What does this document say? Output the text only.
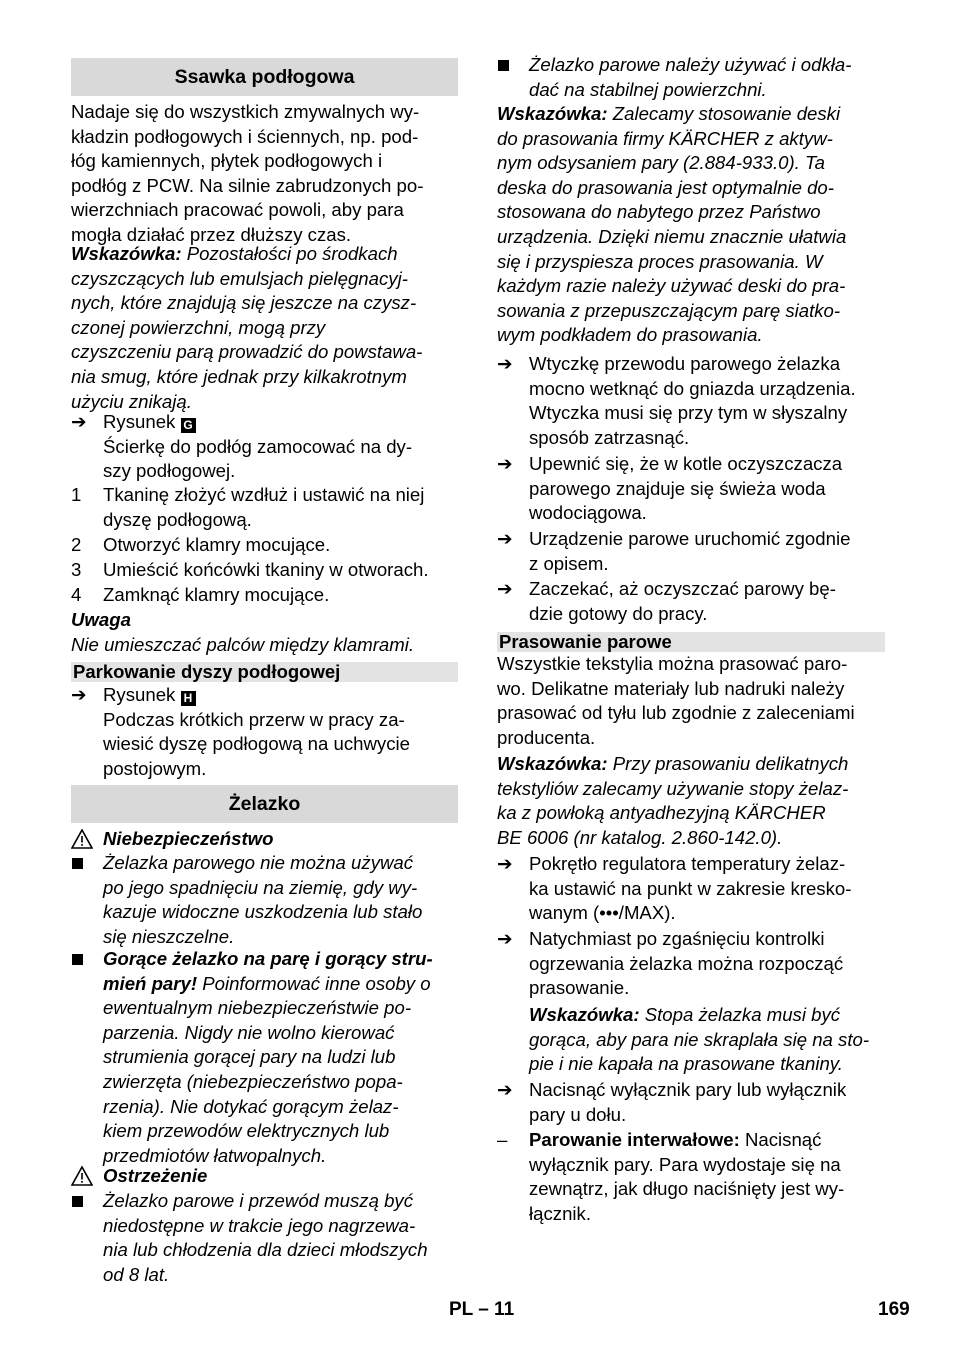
Ssawka podłogowa
Nadaje się do wszystkich zmywalnych wy-
kładzin podłogowych i ściennych, np. pod-
łóg kamiennych, płytek podłogowych i
podłóg z PCW. Na silnie zabrudzonych po-
wierzchniach pracować powoli, aby para
mogła działać przez dłuższy czas.
Wskazówka: Pozostałości po środkach
czyszczących lub emulsjach pielęgnacyj-
nych, które znajdują się jeszcze na czysz-
czonej powierzchni, mogą przy
czyszczeniu parą prowadzić do powstawa-
nia smug, które jednak przy kilkakrotnym
użyciu znikają.
➔ Rysunek G
Ścierkę do podłóg zamocować na dy-
szy podłogowej.
1	Tkaninę złożyć wzdłuż i ustawić na niej
dyszę podłogową.
2	Otworzyć klamry mocujące.
3	Umieścić końcówki tkaniny w otworach.
4	Zamknąć klamry mocujące.
Uwaga
Nie umieszczać palców między klamrami.
Parkowanie dyszy podłogowej
➔ Rysunek H
Podczas krótkich przerw w pracy za-
wiesić dyszę podłogową na uchwycie
postojowym.
Żelazko
Niebezpieczeństwo
Żelazka parowego nie można używać
po jego spadnięciu na ziemię, gdy wy-
kazuje widoczne uszkodzenia lub stało
się nieszczelne.
Gorące żelazko na parę i gorący stru-
mień pary! Poinformować inne osoby o
ewentualnym niebezpieczeństwie po-
parzenia. Nigdy nie wolno kierować
strumienia gorącej pary na ludzi lub
zwierzęta (niebezpieczeństwo popa-
rzenia). Nie dotykać gorącym żelaz-
kiem przewodów elektrycznych lub
przedmiotów łatwopalnych.
Ostrzeżenie
Żelazko parowe i przewód muszą być
niedostępne w trakcie jego nagrzewa-
nia lub chłodzenia dla dzieci młodszych
od 8 lat.
Żelazko parowe należy używać i odkła-
dać na stabilnej powierzchni.
Wskazówka: Zalecamy stosowanie deski
do prasowania firmy KÄRCHER z aktyw-
nym odsysaniem pary (2.884-933.0). Ta
deska do prasowania jest optymalnie do-
stosowana do nabytego przez Państwo
urządzenia. Dzięki niemu znacznie ułatwia
się i przyspiesza proces prasowania. W
każdym razie należy używać deski do pra-
sowania z przepuszczającym parę siatko-
wym podkładem do prasowania.
➔ Wtyczkę przewodu parowego żelazka
mocno wetknąć do gniazda urządzenia.
Wtyczka musi się przy tym w słyszalny
sposób zatrzasnąć.
➔ Upewnić się, że w kotle oczyszczacza
parowego znajduje się świeża woda
wodociągowa.
➔ Urządzenie parowe uruchomić zgodnie
z opisem.
➔ Zaczekać, aż oczyszczać parowy bę-
dzie gotowy do pracy.
Prasowanie parowe
Wszystkie tekstylia można prasować paro-
wo. Delikatne materiały lub nadruki należy
prasować od tyłu lub zgodnie z zaleceniami
producenta.
Wskazówka: Przy prasowaniu delikatnych
tekstyliów zalecamy używanie stopy żelaz-
ka z powłoką antyadhezyjną KÄRCHER
BE 6006 (nr katalog. 2.860-142.0).
➔ Pokrętło regulatora temperatury żelaz-
ka ustawić na punkt w zakresie kresko-
wanym (•••/MAX).
➔ Natychmiast po zgaśnięciu kontrolki
ogrzewania żelazka można rozpocząć
prasowanie.
Wskazówka: Stopa żelazka musi być
gorąca, aby para nie skraplała się na sto-
pie i nie kapała na prasowane tkaniny.
➔ Nacisnąć wyłącznik pary lub wyłącznik
pary u dołu.
–	Parowanie interwałowe: Nacisnąć
wyłącznik pary. Para wydostaje się na
zewnątrz, jak długo naciśnięty jest wy-
łącznik.
PL – 11	169
